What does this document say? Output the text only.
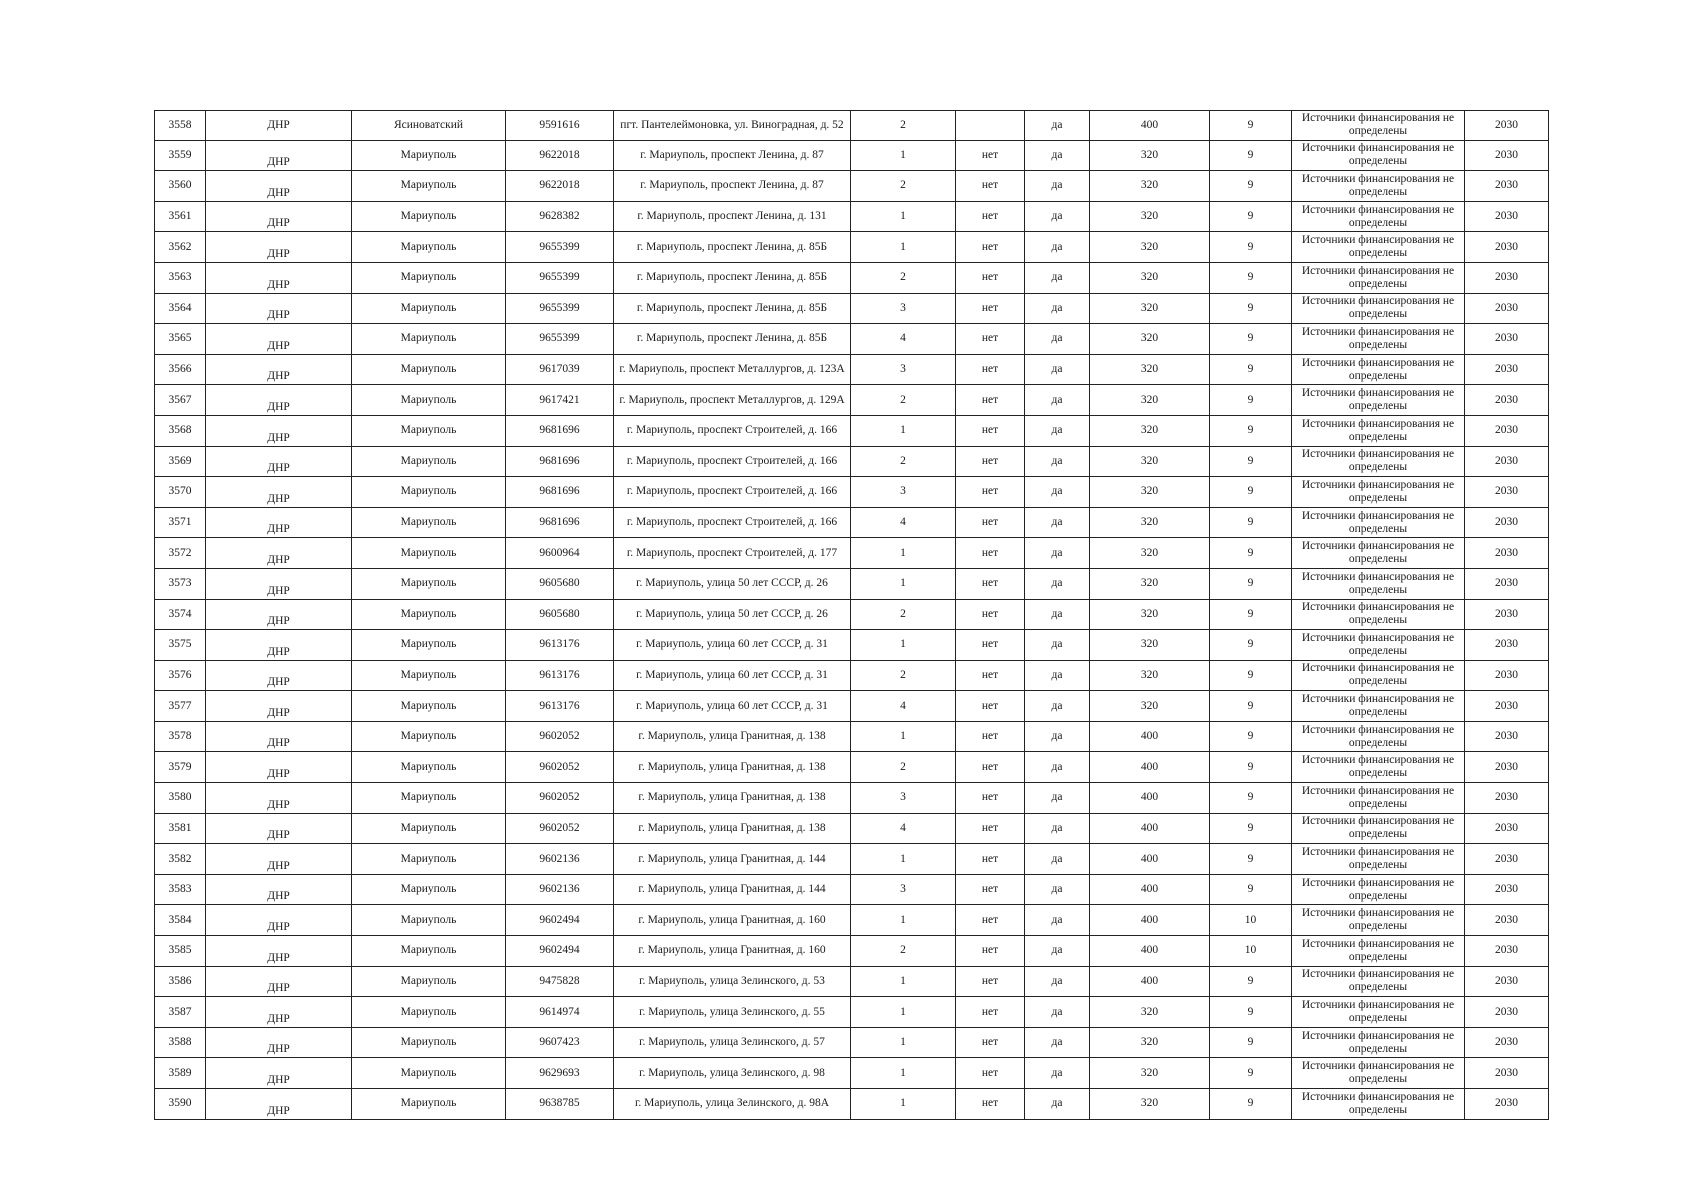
3558	ДНР	Ясиноватский	9591616	пгт. Пантелеймоновка, ул. Виноградная, д. 52	2		да	400	9	Источники финансирования не определены	2030
3559	ДНР	Мариуполь	9622018	г. Мариуполь, проспект Ленина, д. 87	1	нет	да	320	9	Источники финансирования не определены	2030
3560	ДНР	Мариуполь	9622018	г. Мариуполь, проспект Ленина, д. 87	2	нет	да	320	9	Источники финансирования не определены	2030
3561	ДНР	Мариуполь	9628382	г. Мариуполь, проспект Ленина, д. 131	1	нет	да	320	9	Источники финансирования не определены	2030
3562	ДНР	Мариуполь	9655399	г. Мариуполь, проспект Ленина, д. 85Б	1	нет	да	320	9	Источники финансирования не определены	2030
3563	ДНР	Мариуполь	9655399	г. Мариуполь, проспект Ленина, д. 85Б	2	нет	да	320	9	Источники финансирования не определены	2030
3564	ДНР	Мариуполь	9655399	г. Мариуполь, проспект Ленина, д. 85Б	3	нет	да	320	9	Источники финансирования не определены	2030
3565	ДНР	Мариуполь	9655399	г. Мариуполь, проспект Ленина, д. 85Б	4	нет	да	320	9	Источники финансирования не определены	2030
3566	ДНР	Мариуполь	9617039	г. Мариуполь, проспект Металлургов, д. 123А	3	нет	да	320	9	Источники финансирования не определены	2030
3567	ДНР	Мариуполь	9617421	г. Мариуполь, проспект Металлургов, д. 129А	2	нет	да	320	9	Источники финансирования не определены	2030
3568	ДНР	Мариуполь	9681696	г. Мариуполь, проспект Строителей, д. 166	1	нет	да	320	9	Источники финансирования не определены	2030
3569	ДНР	Мариуполь	9681696	г. Мариуполь, проспект Строителей, д. 166	2	нет	да	320	9	Источники финансирования не определены	2030
3570	ДНР	Мариуполь	9681696	г. Мариуполь, проспект Строителей, д. 166	3	нет	да	320	9	Источники финансирования не определены	2030
3571	ДНР	Мариуполь	9681696	г. Мариуполь, проспект Строителей, д. 166	4	нет	да	320	9	Источники финансирования не определены	2030
3572	ДНР	Мариуполь	9600964	г. Мариуполь, проспект Строителей, д. 177	1	нет	да	320	9	Источники финансирования не определены	2030
3573	ДНР	Мариуполь	9605680	г. Мариуполь, улица 50 лет СССР, д. 26	1	нет	да	320	9	Источники финансирования не определены	2030
3574	ДНР	Мариуполь	9605680	г. Мариуполь, улица 50 лет СССР, д. 26	2	нет	да	320	9	Источники финансирования не определены	2030
3575	ДНР	Мариуполь	9613176	г. Мариуполь, улица 60 лет СССР, д. 31	1	нет	да	320	9	Источники финансирования не определены	2030
3576	ДНР	Мариуполь	9613176	г. Мариуполь, улица 60 лет СССР, д. 31	2	нет	да	320	9	Источники финансирования не определены	2030
3577	ДНР	Мариуполь	9613176	г. Мариуполь, улица 60 лет СССР, д. 31	4	нет	да	320	9	Источники финансирования не определены	2030
3578	ДНР	Мариуполь	9602052	г. Мариуполь, улица Гранитная, д. 138	1	нет	да	400	9	Источники финансирования не определены	2030
3579	ДНР	Мариуполь	9602052	г. Мариуполь, улица Гранитная, д. 138	2	нет	да	400	9	Источники финансирования не определены	2030
3580	ДНР	Мариуполь	9602052	г. Мариуполь, улица Гранитная, д. 138	3	нет	да	400	9	Источники финансирования не определены	2030
3581	ДНР	Мариуполь	9602052	г. Мариуполь, улица Гранитная, д. 138	4	нет	да	400	9	Источники финансирования не определены	2030
3582	ДНР	Мариуполь	9602136	г. Мариуполь, улица Гранитная, д. 144	1	нет	да	400	9	Источники финансирования не определены	2030
3583	ДНР	Мариуполь	9602136	г. Мариуполь, улица Гранитная, д. 144	3	нет	да	400	9	Источники финансирования не определены	2030
3584	ДНР	Мариуполь	9602494	г. Мариуполь, улица Гранитная, д. 160	1	нет	да	400	10	Источники финансирования не определены	2030
3585	ДНР	Мариуполь	9602494	г. Мариуполь, улица Гранитная, д. 160	2	нет	да	400	10	Источники финансирования не определены	2030
3586	ДНР	Мариуполь	9475828	г. Мариуполь, улица Зелинского, д. 53	1	нет	да	400	9	Источники финансирования не определены	2030
3587	ДНР	Мариуполь	9614974	г. Мариуполь, улица Зелинского, д. 55	1	нет	да	320	9	Источники финансирования не определены	2030
3588	ДНР	Мариуполь	9607423	г. Мариуполь, улица Зелинского, д. 57	1	нет	да	320	9	Источники финансирования не определены	2030
3589	ДНР	Мариуполь	9629693	г. Мариуполь, улица Зелинского, д. 98	1	нет	да	320	9	Источники финансирования не определены	2030
3590	ДНР	Мариуполь	9638785	г. Мариуполь, улица Зелинского, д. 98А	1	нет	да	320	9	Источники финансирования не определены	2030
